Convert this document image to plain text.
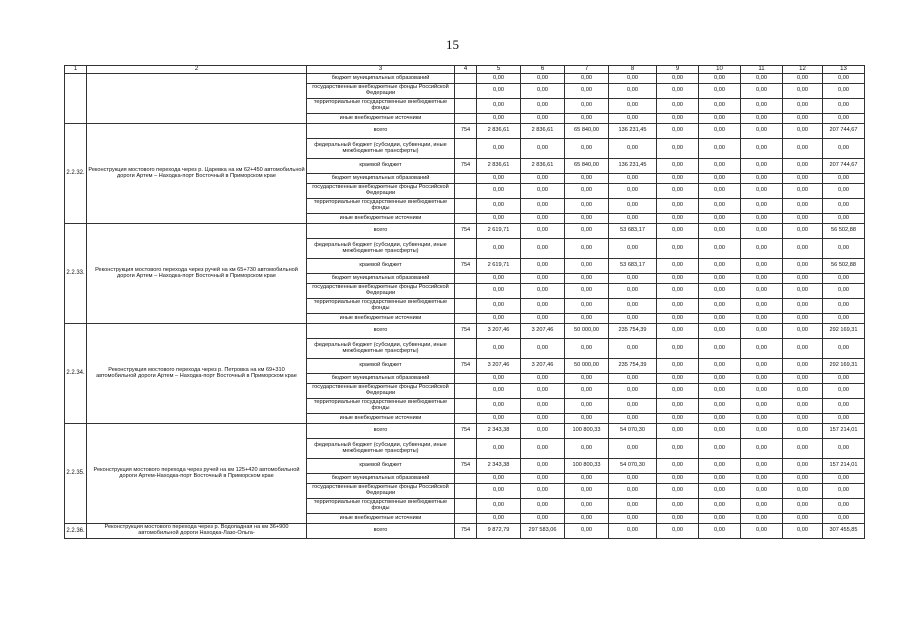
15
1	2	3	4	5	6	7	8	9	10	11	12	13
		бюджет муниципальных образований		0,00	0,00	0,00	0,00	0,00	0,00	0,00	0,00	0,00
		государственные внебюджетные фонды Российской Федерации		0,00	0,00	0,00	0,00	0,00	0,00	0,00	0,00	0,00
		территориальные государственные внебюджетные фонды		0,00	0,00	0,00	0,00	0,00	0,00	0,00	0,00	0,00
		иные внебюджетные источники		0,00	0,00	0,00	0,00	0,00	0,00	0,00	0,00	0,00
2.2.32.	Реконструкция мостового перехода через р. Царевка на км 62+450 автомобильной дороги Артем – Находка-порт Восточный в Приморском крае	всего	754	2 836,61	2 836,61	65 840,00	136 231,45	0,00	0,00	0,00	0,00	207 744,67
		федеральный бюджет (субсидии, субвенции, иные межбюджетные трансферты)		0,00	0,00	0,00	0,00	0,00	0,00	0,00	0,00	0,00
		краевой бюджет	754	2 836,61	2 836,61	65 840,00	136 231,45	0,00	0,00	0,00	0,00	207 744,67
		бюджет муниципальных образований		0,00	0,00	0,00	0,00	0,00	0,00	0,00	0,00	0,00
		государственные внебюджетные фонды Российской Федерации		0,00	0,00	0,00	0,00	0,00	0,00	0,00	0,00	0,00
		территориальные государственные внебюджетные фонды		0,00	0,00	0,00	0,00	0,00	0,00	0,00	0,00	0,00
		иные внебюджетные источники		0,00	0,00	0,00	0,00	0,00	0,00	0,00	0,00	0,00
2.2.33.	Реконструкция мостового перехода через ручей на км 65+730 автомобильной дороги Артем – Находка-порт Восточный в Приморском крае	всего	754	2 619,71	0,00	0,00	53 683,17	0,00	0,00	0,00	0,00	56 502,88
		федеральный бюджет (субсидии, субвенции, иные межбюджетные трансферты)		0,00	0,00	0,00	0,00	0,00	0,00	0,00	0,00	0,00
		краевой бюджет	754	2 619,71	0,00	0,00	53 683,17	0,00	0,00	0,00	0,00	56 502,88
		бюджет муниципальных образований		0,00	0,00	0,00	0,00	0,00	0,00	0,00	0,00	0,00
		государственные внебюджетные фонды Российской Федерации		0,00	0,00	0,00	0,00	0,00	0,00	0,00	0,00	0,00
		территориальные государственные внебюджетные фонды		0,00	0,00	0,00	0,00	0,00	0,00	0,00	0,00	0,00
		иные внебюджетные источники		0,00	0,00	0,00	0,00	0,00	0,00	0,00	0,00	0,00
2.2.34.	Реконструкция мостового перехода через р. Петровка на км 69+310 автомобильной дороги Артем – Находка-порт Восточный в Приморском крае	всего	754	3 207,46	3 207,46	50 000,00	235 754,39	0,00	0,00	0,00	0,00	292 169,31
		федеральный бюджет (субсидии, субвенции, иные межбюджетные трансферты)		0,00	0,00	0,00	0,00	0,00	0,00	0,00	0,00	0,00
		краевой бюджет	754	3 207,46	3 207,46	50 000,00	235 754,39	0,00	0,00	0,00	0,00	292 169,31
		бюджет муниципальных образований		0,00	0,00	0,00	0,00	0,00	0,00	0,00	0,00	0,00
		государственные внебюджетные фонды Российской Федерации		0,00	0,00	0,00	0,00	0,00	0,00	0,00	0,00	0,00
		территориальные государственные внебюджетные фонды		0,00	0,00	0,00	0,00	0,00	0,00	0,00	0,00	0,00
		иные внебюджетные источники		0,00	0,00	0,00	0,00	0,00	0,00	0,00	0,00	0,00
2.2.35.	Реконструкция мостового перехода через ручей на км 125+420 автомобильной дороги Артем-Находка-порт Восточный в Приморском крае	всего	754	2 343,38	0,00	100 800,33	54 070,30	0,00	0,00	0,00	0,00	157 214,01
		федеральный бюджет (субсидии, субвенции, иные межбюджетные трансферты)		0,00	0,00	0,00	0,00	0,00	0,00	0,00	0,00	0,00
		краевой бюджет	754	2 343,38	0,00	100 800,33	54 070,30	0,00	0,00	0,00	0,00	157 214,01
		бюджет муниципальных образований		0,00	0,00	0,00	0,00	0,00	0,00	0,00	0,00	0,00
		государственные внебюджетные фонды Российской Федерации		0,00	0,00	0,00	0,00	0,00	0,00	0,00	0,00	0,00
		территориальные государственные внебюджетные фонды		0,00	0,00	0,00	0,00	0,00	0,00	0,00	0,00	0,00
		иные внебюджетные источники		0,00	0,00	0,00	0,00	0,00	0,00	0,00	0,00	0,00
2.2.36.	Реконструкция мостового перехода через р. Водопадная на км 36+900 автомобильной дороги Находка-Лазо-Ольга-	всего	754	9 872,79	297 583,06	0,00	0,00	0,00	0,00	0,00	0,00	307 455,85
